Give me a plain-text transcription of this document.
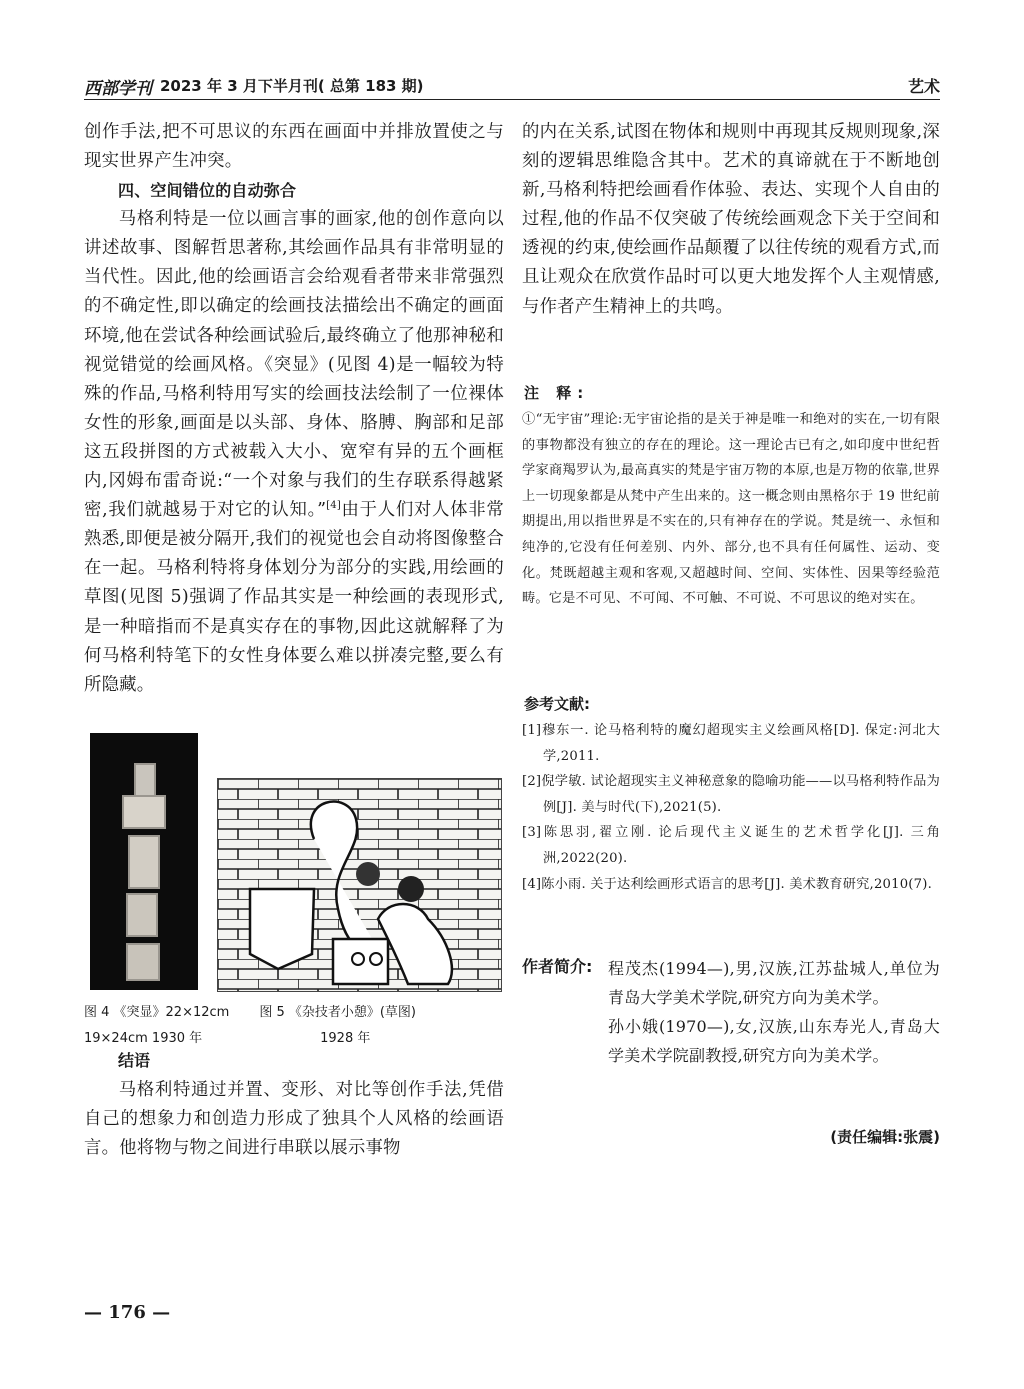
西部学刊 2023 年 3 月下半月刊( 总第 183 期)	艺术

创作手法,把不可思议的东西在画面中并排放置使之与现实世界产生冲突。

四、空间错位的自动弥合

马格利特是一位以画言事的画家,他的创作意向以讲述故事、图解哲思著称,其绘画作品具有非常明显的当代性。因此,他的绘画语言会给观看者带来非常强烈的不确定性,即以确定的绘画技法描绘出不确定的画面环境,他在尝试各种绘画试验后,最终确立了他那神秘和视觉错觉的绘画风格。《突显》(见图 4)是一幅较为特殊的作品,马格利特用写实的绘画技法绘制了一位裸体女性的形象,画面是以头部、身体、胳膊、胸部和足部这五段拼图的方式被载入大小、宽窄有异的五个画框内,冈姆布雷奇说:“一个对象与我们的生存联系得越紧密,我们就越易于对它的认知。”[4]由于人们对人体非常熟悉,即便是被分隔开,我们的视觉也会自动将图像整合在一起。马格利特将身体划分为部分的实践,用绘画的草图(见图 5)强调了作品其实是一种绘画的表现形式,是一种暗指而不是真实存在的事物,因此这就解释了为何马格利特笔下的女性身体要么难以拼凑完整,要么有所隐藏。

图 4 《突显》22×12cm 图 5 《杂技者小憩》(草图)
19×24cm 1930 年	1928 年
结语

马格利特通过并置、变形、对比等创作手法,凭借自己的想象力和创造力形成了独具个人风格的绘画语言。他将物与物之间进行串联以展示事物

的内在关系,试图在物体和规则中再现其反规则现象,深刻的逻辑思维隐含其中。艺术的真谛就在于不断地创新,马格利特把绘画看作体验、表达、实现个人自由的过程,他的作品不仅突破了传统绘画观念下关于空间和透视的约束,使绘画作品颠覆了以往传统的观看方式,而且让观众在欣赏作品时可以更大地发挥个人主观情感,与作者产生精神上的共鸣。

注 释:

①“无宇宙”理论:无宇宙论指的是关于神是唯一和绝对的实在,一切有限的事物都没有独立的存在的理论。这一理论古已有之,如印度中世纪哲学家商羯罗认为,最高真实的梵是宇宙万物的本原,也是万物的依靠,世界上一切现象都是从梵中产生出来的。这一概念则由黑格尔于 19 世纪前期提出,用以指世界是不实在的,只有神存在的学说。梵是统一、永恒和纯净的,它没有任何差别、内外、部分,也不具有任何属性、运动、变化。梵既超越主观和客观,又超越时间、空间、实体性、因果等经验范畴。它是不可见、不可闻、不可触、不可说、不可思议的绝对实在。

参考文献:

[1]穆东一. 论马格利特的魔幻超现实主义绘画风格[D]. 保定:河北大学,2011.

[2]倪学敏. 试论超现实主义神秘意象的隐喻功能——以马格利特作品为例[J]. 美与时代(下),2021(5).

[3]陈思羽,翟立刚. 论后现代主义诞生的艺术哲学化[J]. 三角洲,2022(20).

[4]陈小雨. 关于达利绘画形式语言的思考[J]. 美术教育研究,2010(7).

作者简介: 程茂杰(1994—),男,汉族,江苏盐城人,单位为青岛大学美术学院,研究方向为美术学。

孙小娥(1970—),女,汉族,山东寿光人,青岛大学美术学院副教授,研究方向为美术学。

(责任编辑:张震)
— 176 —
